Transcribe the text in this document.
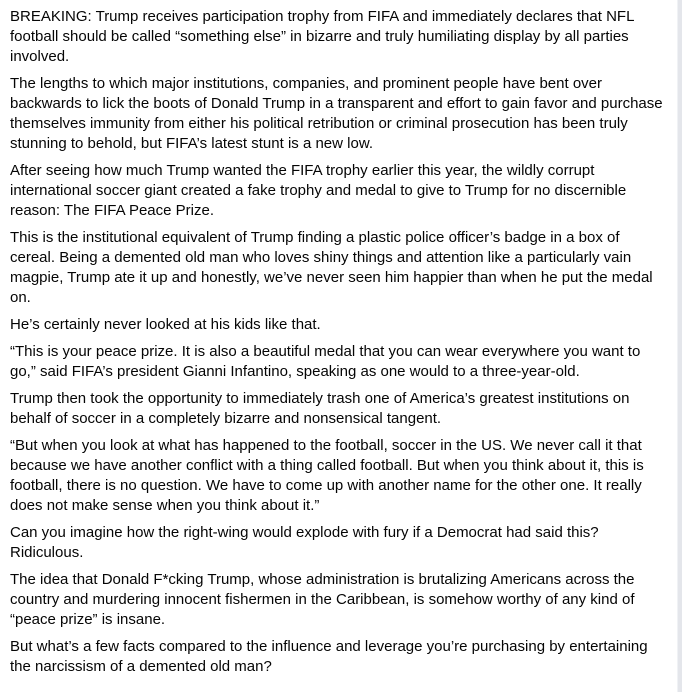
BREAKING: Trump receives participation trophy from FIFA and immediately declares that NFL football should be called “something else” in bizarre and truly humiliating display by all parties involved.

The lengths to which major institutions, companies, and prominent people have bent over backwards to lick the boots of Donald Trump in a transparent and effort to gain favor and purchase themselves immunity from either his political retribution or criminal prosecution has been truly stunning to behold, but FIFA’s latest stunt is a new low.

After seeing how much Trump wanted the FIFA trophy earlier this year, the wildly corrupt international soccer giant created a fake trophy and medal to give to Trump for no discernible reason: The FIFA Peace Prize.

This is the institutional equivalent of Trump finding a plastic police officer’s badge in a box of cereal. Being a demented old man who loves shiny things and attention like a particularly vain magpie, Trump ate it up and honestly, we’ve never seen him happier than when he put the medal on.

He’s certainly never looked at his kids like that.

“This is your peace prize. It is also a beautiful medal that you can wear everywhere you want to go,” said FIFA’s president Gianni Infantino, speaking as one would to a three-year-old.

Trump then took the opportunity to immediately trash one of America’s greatest institutions on behalf of soccer in a completely bizarre and nonsensical tangent.

“But when you look at what has happened to the football, soccer in the US. We never call it that because we have another conflict with a thing called football. But when you think about it, this is football, there is no question. We have to come up with another name for the other one. It really does not make sense when you think about it.”

Can you imagine how the right-wing would explode with fury if a Democrat had said this? Ridiculous.

The idea that Donald F*cking Trump, whose administration is brutalizing Americans across the country and murdering innocent fishermen in the Caribbean, is somehow worthy of any kind of “peace prize” is insane.

But what’s a few facts compared to the influence and leverage you’re purchasing by entertaining the narcissism of a demented old man?
